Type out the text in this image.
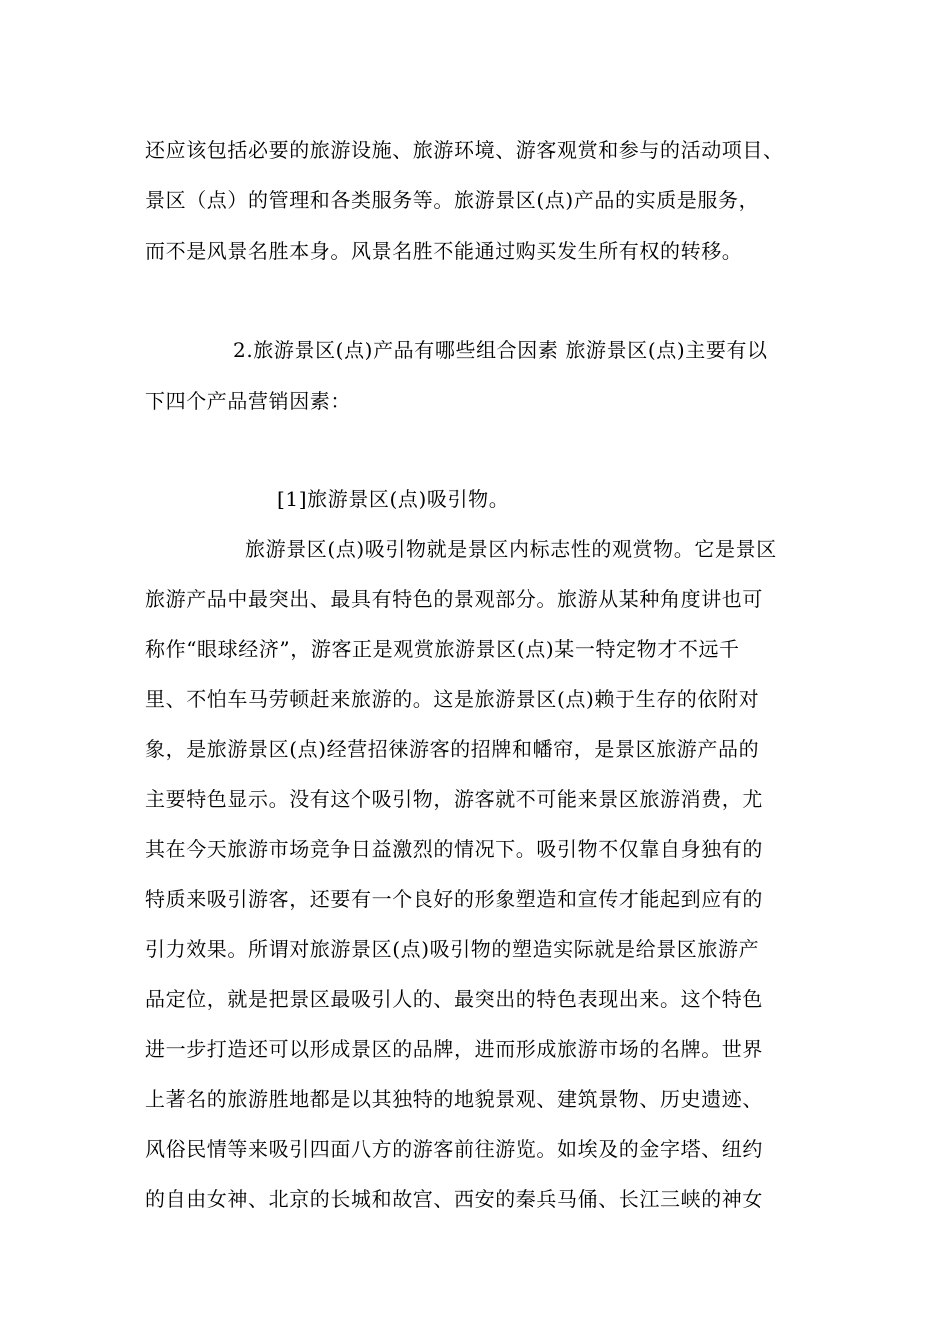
还应该包括必要的旅游设施、旅游环境、游客观赏和参与的活动项目、
景区（点）的管理和各类服务等。旅游景区(点)产品的实质是服务，
而不是风景名胜本身。风景名胜不能通过购买发生所有权的转移。
2.旅游景区(点)产品有哪些组合因素 旅游景区(点)主要有以
下四个产品营销因素：
[1]旅游景区(点)吸引物。
旅游景区(点)吸引物就是景区内标志性的观赏物。它是景区
旅游产品中最突出、最具有特色的景观部分。旅游从某种角度讲也可
称作“眼球经济”，游客正是观赏旅游景区(点)某一特定物才不远千
里、不怕车马劳顿赶来旅游的。这是旅游景区(点)赖于生存的依附对
象，是旅游景区(点)经营招徕游客的招牌和幡帘，是景区旅游产品的
主要特色显示。没有这个吸引物，游客就不可能来景区旅游消费，尤
其在今天旅游市场竞争日益激烈的情况下。吸引物不仅靠自身独有的
特质来吸引游客，还要有一个良好的形象塑造和宣传才能起到应有的
引力效果。所谓对旅游景区(点)吸引物的塑造实际就是给景区旅游产
品定位，就是把景区最吸引人的、最突出的特色表现出来。这个特色
进一步打造还可以形成景区的品牌，进而形成旅游市场的名牌。世界
上著名的旅游胜地都是以其独特的地貌景观、建筑景物、历史遗迹、
风俗民情等来吸引四面八方的游客前往游览。如埃及的金字塔、纽约
的自由女神、北京的长城和故宫、西安的秦兵马俑、长江三峡的神女
